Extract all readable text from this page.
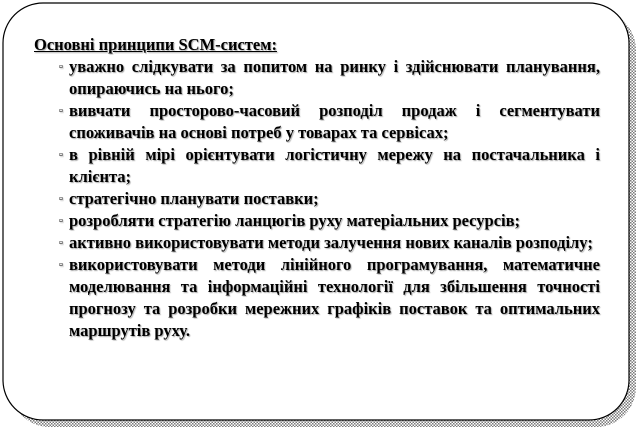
Основні принципи SCM-систем:
▫ уважно слідкувати за попитом на ринку і здійснювати планування, опираючись на нього;
▫ вивчати просторово-часовий розподіл продаж і сегментувати споживачів на основі потреб у товарах та сервісах;
▫ в рівній мірі орієнтувати логістичну мережу на постачальника і клієнта;
▫ стратегічно планувати поставки;
▫ розробляти стратегію ланцюгів руху матеріальних ресурсів;
▫ активно використовувати методи залучення нових каналів розподілу;
▫ використовувати методи лінійного програмування, математичне моделювання та інформаційні технології для збільшення точності прогнозу та розробки мережних графіків поставок та оптимальних маршрутів руху.
